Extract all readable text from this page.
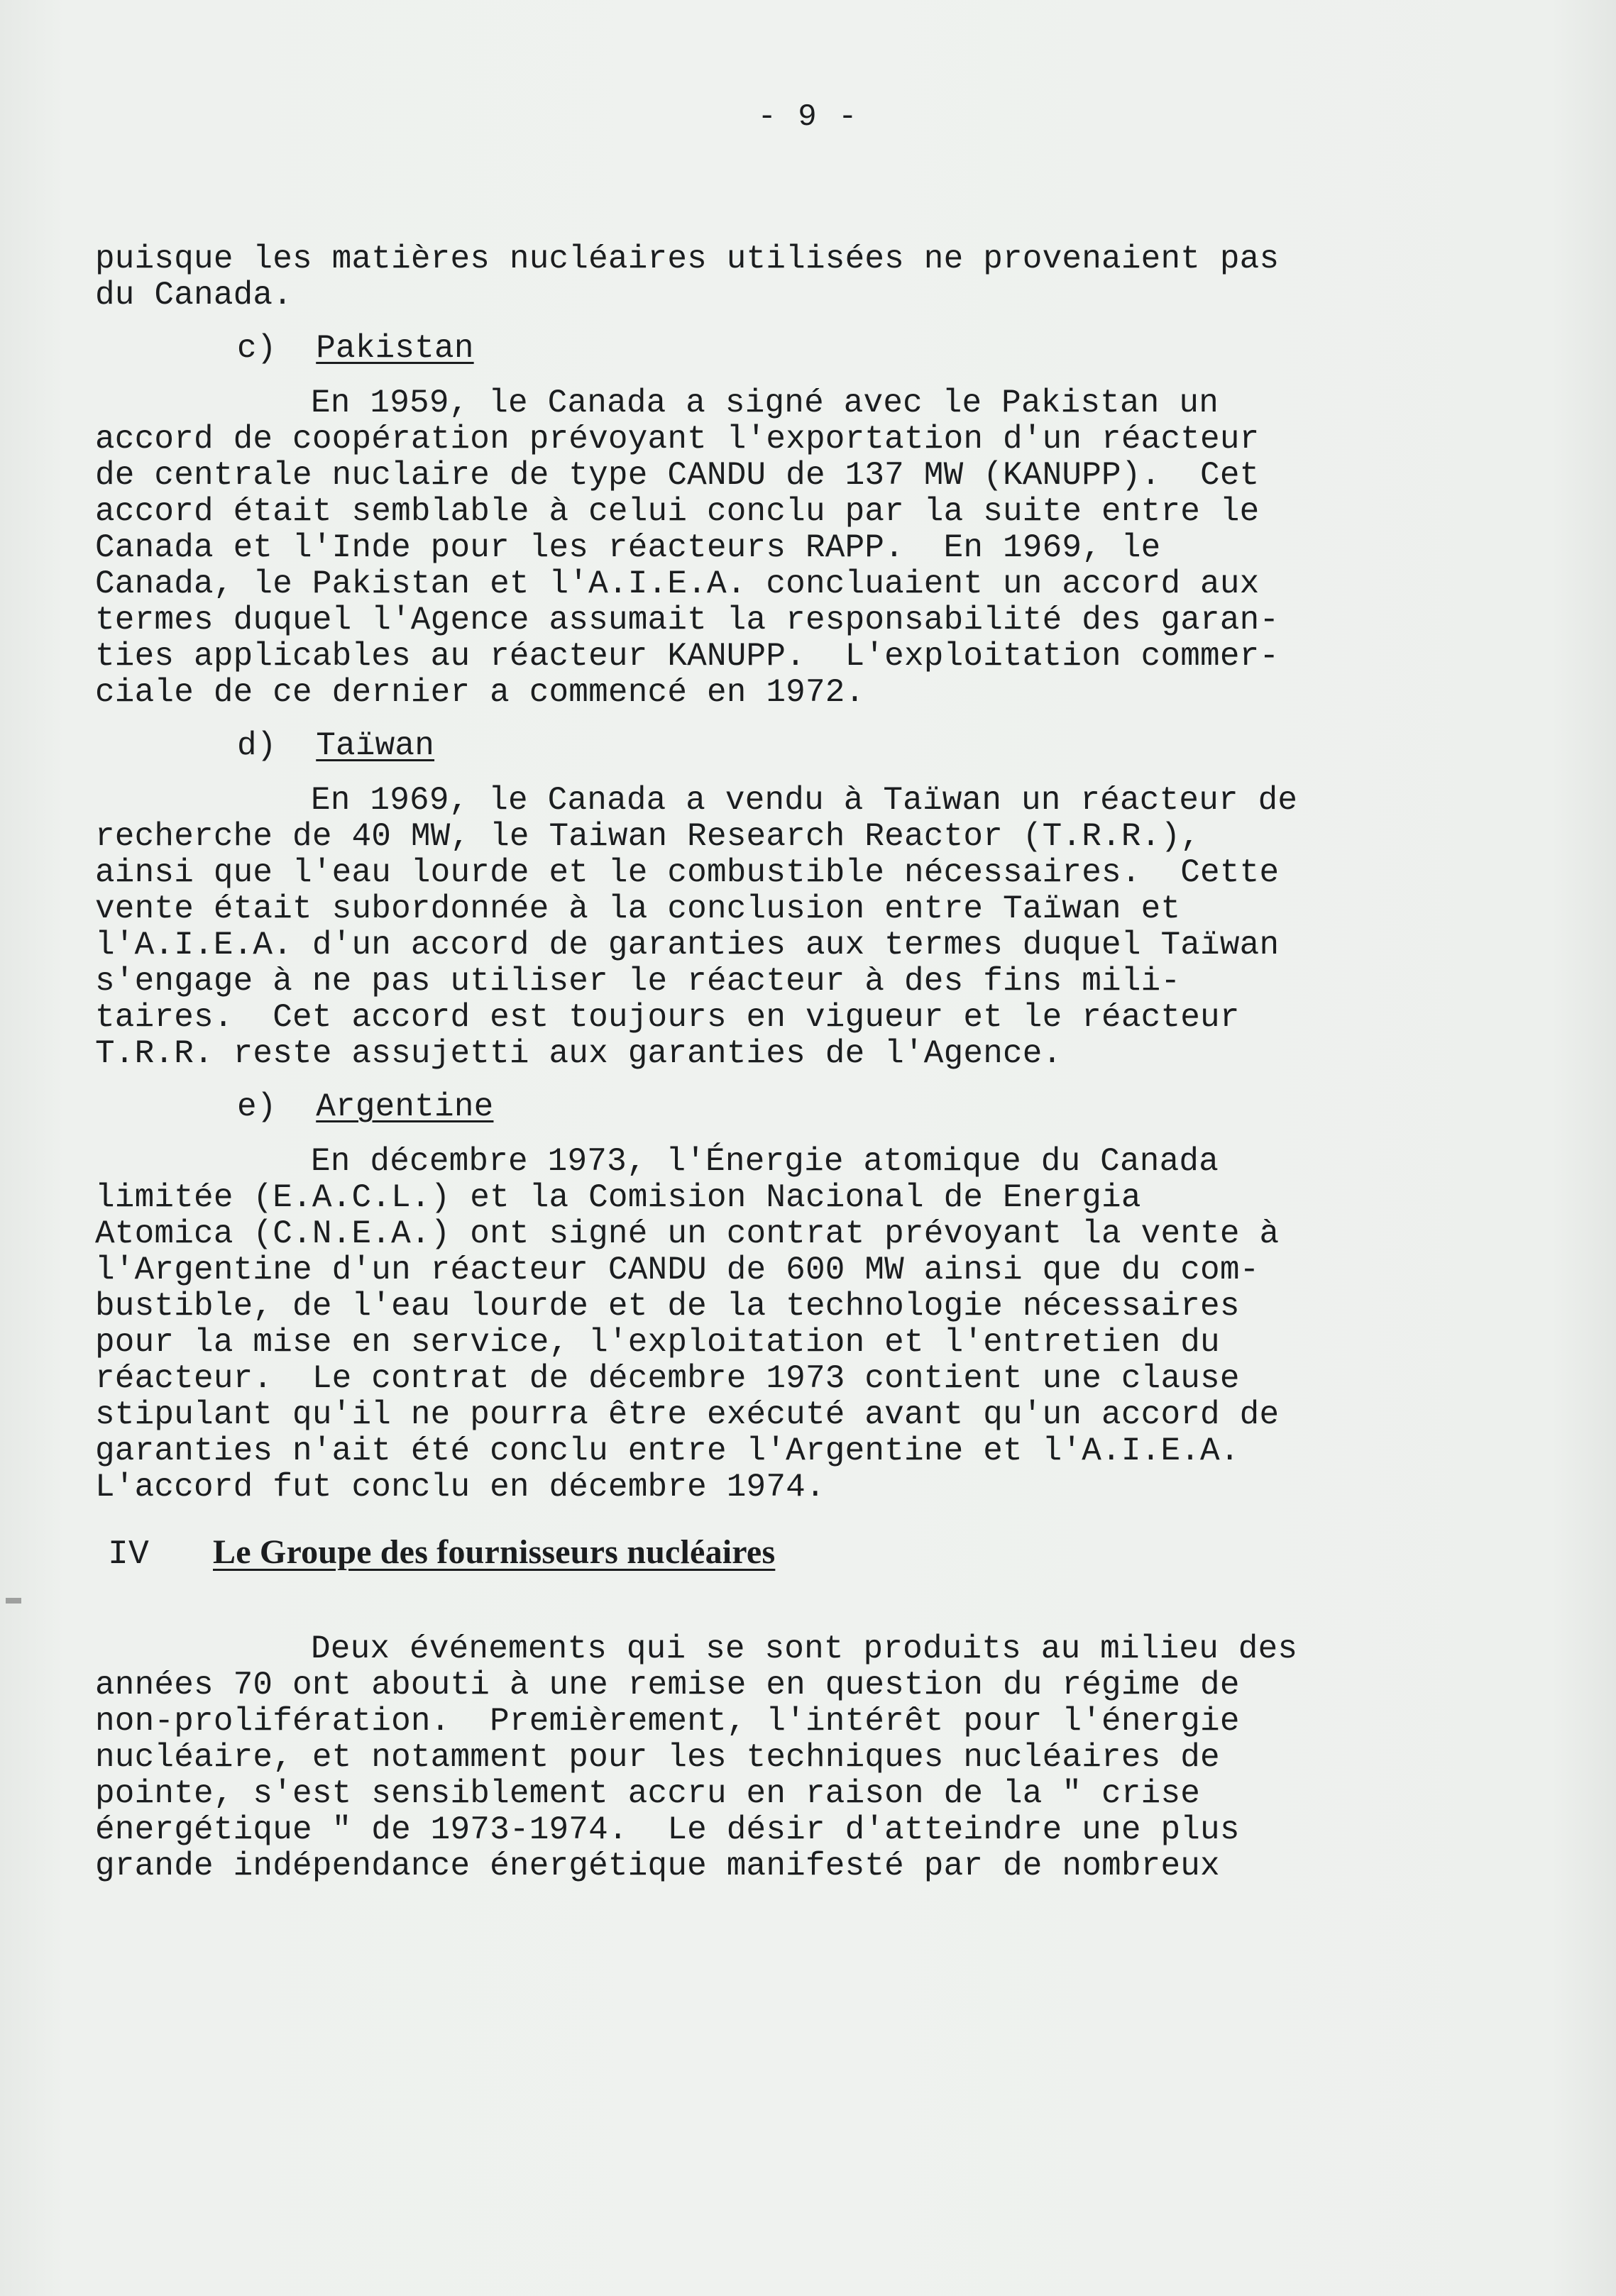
- 9 -
puisque les matières nucléaires utilisées ne provenaient pas
du Canada.
c) Pakistan
En 1959, le Canada a signé avec le Pakistan un
accord de coopération prévoyant l'exportation d'un réacteur
de centrale nuclaire de type CANDU de 137 MW (KANUPP).  Cet
accord était semblable à celui conclu par la suite entre le
Canada et l'Inde pour les réacteurs RAPP.  En 1969, le
Canada, le Pakistan et l'A.I.E.A. concluaient un accord aux
termes duquel l'Agence assumait la responsabilité des garan-
ties applicables au réacteur KANUPP.  L'exploitation commer-
ciale de ce dernier a commencé en 1972.
d) Taïwan
En 1969, le Canada a vendu à Taïwan un réacteur de
recherche de 40 MW, le Taiwan Research Reactor (T.R.R.),
ainsi que l'eau lourde et le combustible nécessaires.  Cette
vente était subordonnée à la conclusion entre Taïwan et
l'A.I.E.A. d'un accord de garanties aux termes duquel Taïwan
s'engage à ne pas utiliser le réacteur à des fins mili-
taires.  Cet accord est toujours en vigueur et le réacteur
T.R.R. reste assujetti aux garanties de l'Agence.
e) Argentine
En décembre 1973, l'Énergie atomique du Canada
limitée (E.A.C.L.) et la Comision Nacional de Energia
Atomica (C.N.E.A.) ont signé un contrat prévoyant la vente à
l'Argentine d'un réacteur CANDU de 600 MW ainsi que du com-
bustible, de l'eau lourde et de la technologie nécessaires
pour la mise en service, l'exploitation et l'entretien du
réacteur.  Le contrat de décembre 1973 contient une clause
stipulant qu'il ne pourra être exécuté avant qu'un accord de
garanties n'ait été conclu entre l'Argentine et l'A.I.E.A.
L'accord fut conclu en décembre 1974.
IV Le Groupe des fournisseurs nucléaires
Deux événements qui se sont produits au milieu des
années 70 ont abouti à une remise en question du régime de
non-prolifération.  Premièrement, l'intérêt pour l'énergie
nucléaire, et notamment pour les techniques nucléaires de
pointe, s'est sensiblement accru en raison de la " crise
énergétique " de 1973-1974.  Le désir d'atteindre une plus
grande indépendance énergétique manifesté par de nombreux
